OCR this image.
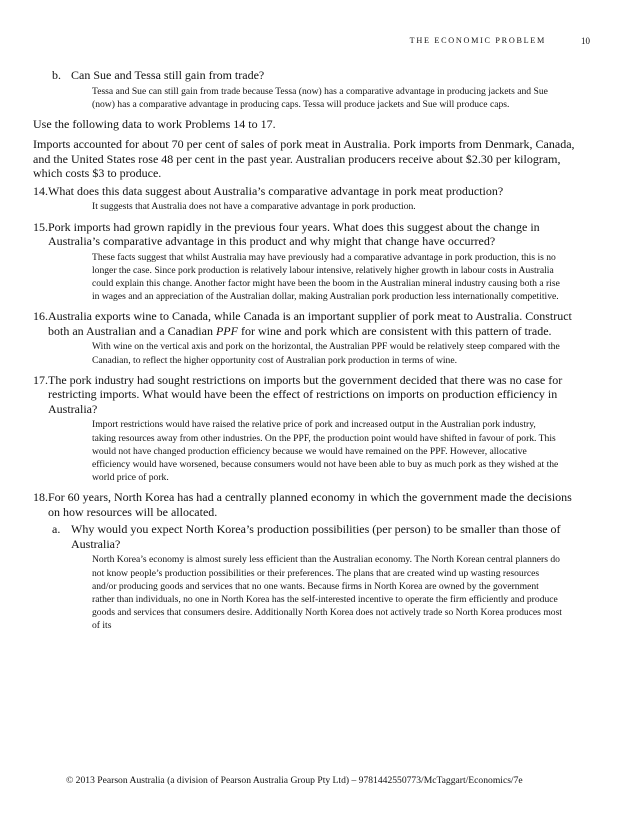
THE ECONOMIC PROBLEM	10
b. Can Sue and Tessa still gain from trade?

Tessa and Sue can still gain from trade because Tessa (now) has a comparative advantage in producing jackets and Sue (now) has a comparative advantage in producing caps. Tessa will produce jackets and Sue will produce caps.

Use the following data to work Problems 14 to 17.

Imports accounted for about 70 per cent of sales of pork meat in Australia. Pork imports from Denmark, Canada, and the United States rose 48 per cent in the past year. Australian producers receive about $2.30 per kilogram, which costs $3 to produce.

14. What does this data suggest about Australia’s comparative advantage in pork meat production?

It suggests that Australia does not have a comparative advantage in pork production.

15. Pork imports had grown rapidly in the previous four years. What does this suggest about the change in Australia’s comparative advantage in this product and why might that change have occurred?

These facts suggest that whilst Australia may have previously had a comparative advantage in pork production, this is no longer the case. Since pork production is relatively labour intensive, relatively higher growth in labour costs in Australia could explain this change. Another factor might have been the boom in the Australian mineral industry causing both a rise in wages and an appreciation of the Australian dollar, making Australian pork production less internationally competitive.

16. Australia exports wine to Canada, while Canada is an important supplier of pork meat to Australia. Construct both an Australian and a Canadian PPF for wine and pork which are consistent with this pattern of trade.

With wine on the vertical axis and pork on the horizontal, the Australian PPF would be relatively steep compared with the Canadian, to reflect the higher opportunity cost of Australian pork production in terms of wine.

17. The pork industry had sought restrictions on imports but the government decided that there was no case for restricting imports. What would have been the effect of restrictions on imports on production efficiency in Australia?

Import restrictions would have raised the relative price of pork and increased output in the Australian pork industry, taking resources away from other industries. On the PPF, the production point would have shifted in favour of pork. This would not have changed production efficiency because we would have remained on the PPF. However, allocative efficiency would have worsened, because consumers would not have been able to buy as much pork as they wished at the world price of pork.

18. For 60 years, North Korea has had a centrally planned economy in which the government made the decisions on how resources will be allocated.
a. Why would you expect North Korea’s production possibilities (per person) to be smaller than those of Australia?

North Korea’s economy is almost surely less efficient than the Australian economy. The North Korean central planners do not know people’s production possibilities or their preferences. The plans that are created wind up wasting resources and/or producing goods and services that no one wants. Because firms in North Korea are owned by the government rather than individuals, no one in North Korea has the self-interested incentive to operate the firm efficiently and produce goods and services that consumers desire. Additionally North Korea does not actively trade so North Korea produces most of its

© 2013 Pearson Australia (a division of Pearson Australia Group Pty Ltd) – 9781442550773/McTaggart/Economics/7e
